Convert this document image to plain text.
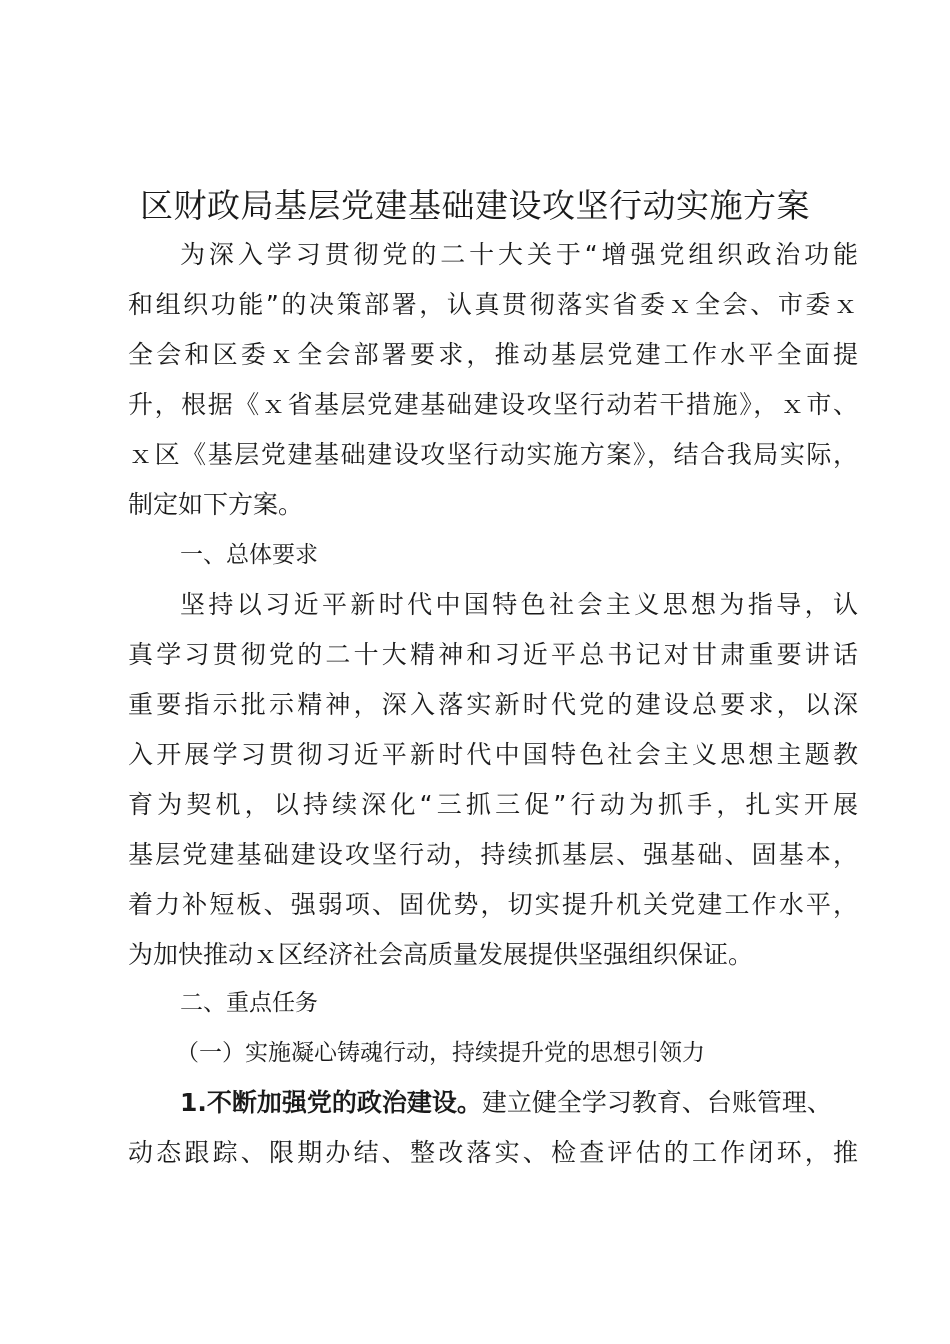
区财政局基层党建基础建设攻坚行动实施方案
为深入学习贯彻党的二十大关于“增强党组织政治功能
和组织功能”的决策部署，认真贯彻落实省委ｘ全会、市委ｘ
全会和区委ｘ全会部署要求，推动基层党建工作水平全面提
升，根据《ｘ省基层党建基础建设攻坚行动若干措施》，ｘ市、
ｘ区《基层党建基础建设攻坚行动实施方案》，结合我局实际，
制定如下方案。
一、总体要求
坚持以习近平新时代中国特色社会主义思想为指导，认
真学习贯彻党的二十大精神和习近平总书记对甘肃重要讲话
重要指示批示精神，深入落实新时代党的建设总要求，以深
入开展学习贯彻习近平新时代中国特色社会主义思想主题教
育为契机，以持续深化“三抓三促”行动为抓手，扎实开展
基层党建基础建设攻坚行动，持续抓基层、强基础、固基本，
着力补短板、强弱项、固优势，切实提升机关党建工作水平，
为加快推动ｘ区经济社会高质量发展提供坚强组织保证。
二、重点任务
（一）实施凝心铸魂行动，持续提升党的思想引领力
1.不断加强党的政治建设。建立健全学习教育、台账管理、
动态跟踪、限期办结、整改落实、检查评估的工作闭环，推
